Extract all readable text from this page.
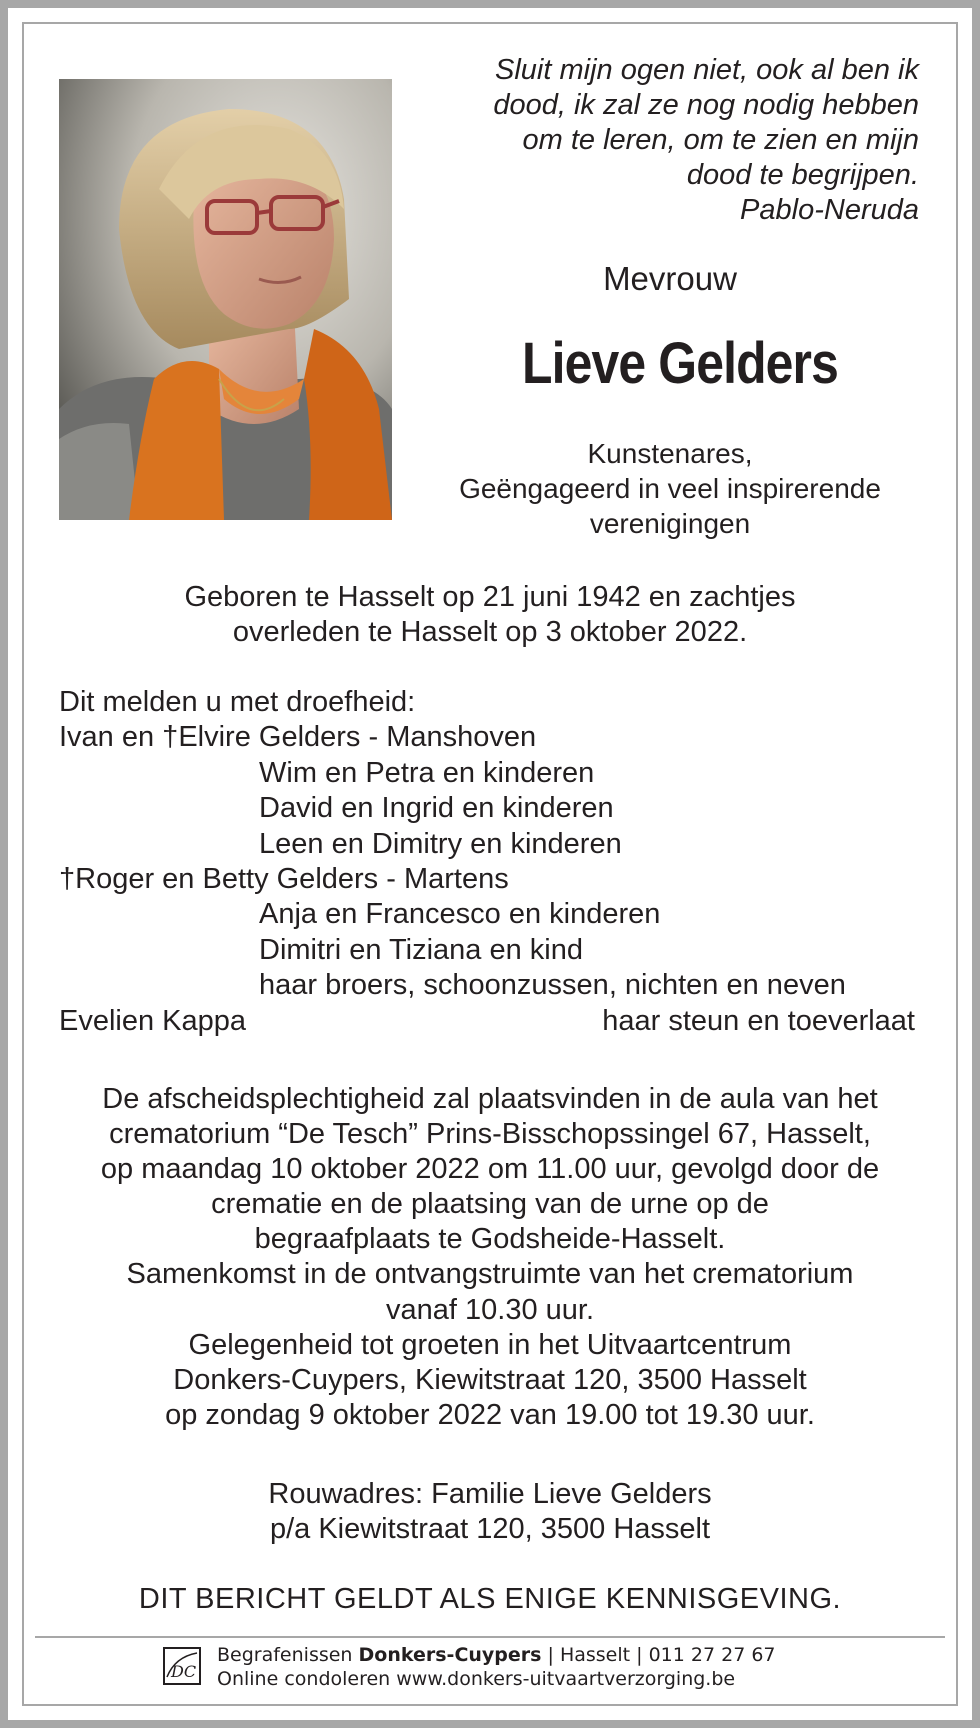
Sluit mijn ogen niet, ook al ben ik
dood, ik zal ze nog nodig hebben
om te leren, om te zien en mijn
dood te begrijpen.
Pablo-Neruda
Mevrouw
Lieve Gelders
Kunstenares,
Geëngageerd in veel inspirerende
verenigingen
Geboren te Hasselt op 21 juni 1942 en zachtjes
overleden te Hasselt op 3 oktober 2022.
Dit melden u met droefheid:
Ivan en †Elvire Gelders - Manshoven
Wim en Petra en kinderen
David en Ingrid en kinderen
Leen en Dimitry en kinderen
†Roger en Betty Gelders - Martens
Anja en Francesco en kinderen
Dimitri en Tiziana en kind
haar broers, schoonzussen, nichten en neven
Evelien Kappa	haar steun en toeverlaat
De afscheidsplechtigheid zal plaatsvinden in de aula van het
crematorium “De Tesch” Prins-Bisschopssingel 67, Hasselt,
op maandag 10 oktober 2022 om 11.00 uur, gevolgd door de
crematie en de plaatsing van de urne op de
begraafplaats te Godsheide-Hasselt.
Samenkomst in de ontvangstruimte van het crematorium
vanaf 10.30 uur.
Gelegenheid tot groeten in het Uitvaartcentrum
Donkers-Cuypers, Kiewitstraat 120, 3500 Hasselt
op zondag 9 oktober 2022 van 19.00 tot 19.30 uur.
Rouwadres: Familie Lieve Gelders
p/a Kiewitstraat 120, 3500 Hasselt
DIT BERICHT GELDT ALS ENIGE KENNISGEVING.
DC
Begrafenissen Donkers-Cuypers | Hasselt | 011 27 27 67
Online condoleren www.donkers-uitvaartverzorging.be
